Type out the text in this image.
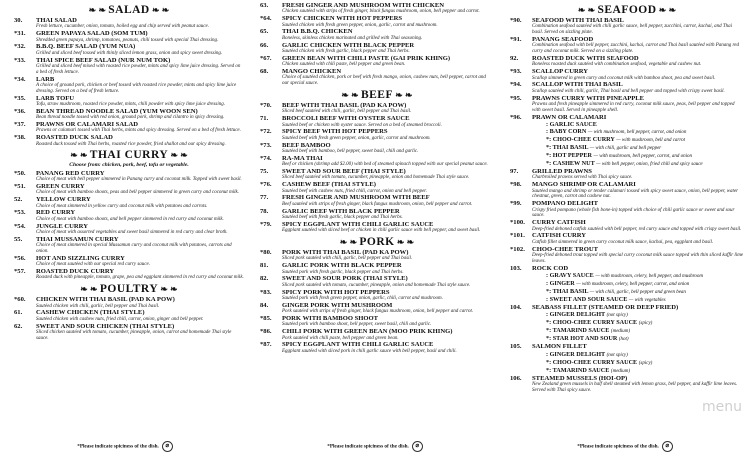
❧ ❧ SALAD ❧ ❧
30.	THAI SALAD
Fresh lettuce, cucumber, onion, tomato, boiled egg and chip served with peanut sauce.
*31.	GREEN PAPAYA SALAD (SOM TUM)
Shredded green papaya, shrimp, tomatoes, peanuts, chili tossed with special Thai dressing.
*32.	B.B.Q. BEEF SALAD (YUM NUA)
Grilled and sliced beef tossed with thinly sliced lemon grass, onion and spicy sweet dressing.
*33.	THAI SPICE BEEF SALAD (NUR NUM TOK)
Grilled and sliced beef mixed with roasted rice powder, mints and spicy lime juice dressing. Served on a bed of fresh lettuce.
*34.	LARB
A choice of ground pork, chicken or beef tossed with roasted rice powder, mints and spicy lime juice dressing. Served on a bed of fresh lettuce.
*35.	LARB TOFU
Tofu, straw mushroom, roasted rice powder, mints, chili powder with spicy lime juice dressing.
*36.	BEAN THREAD NOODLE SALAD (YUM WOON SEN)
Bean thread noodle tossed with red onion, ground pork, shrimp and cilantro in spicy dressing.
*37.	PRAWNS OR CALAMARI SALAD
Prawns or calamari tossed with Thai herbs, mints and spicy dressing. Served on a bed of fresh lettuce.
*38.	ROASTED DUCK SALAD
Roasted duck tossed with Thai herbs, roasted rice powder, fried shallot and our spicy dressing.
❧ ❧ THAI CURRY ❧ ❧
Choose from: chicken, pork, beef, tofu or vegetable.
*50.	PANANG RED CURRY
Choice of meat with bell pepper simmered in Panang curry and coconut milk. Topped with sweet basil.
*51.	GREEN CURRY
Choice of meat with bamboo shoots, peas and bell pepper simmered in green curry and coconut milk.
52.	YELLOW CURRY
Choice of meat simmered in yellow curry and coconut milk with potatoes and carrots.
*53.	RED CURRY
Choice of meat with bamboo shoots, and bell pepper simmered in red curry and coconut milk.
*54.	JUNGLE CURRY
Choice of meat with assorted vegetables and sweet basil simmered in red curry and clear broth.
55.	THAI MUSSAMUN CURRY
Choice of meat simmered in special Mussamun curry and coconut milk with potatoes, carrots and onion.
*56.	HOT AND SIZZLING CURRY
Choice of meat sautéed with our special red curry sauce.
*57.	ROASTED DUCK CURRY
Roasted duck with pineapple, tomato, grape, pea and eggplant simmered in red curry and coconut milk.
❧ ❧ POULTRY ❧ ❧
*60.	CHICKEN WITH THAI BASIL (PAD KA POW)
Sautéed chicken with chili, garlic, bell pepper and Thai basil.
61.	CASHEW CHICKEN (THAI STYLE)
Sautéed chicken with cashew nuts, fried chili, carrot, onion, ginger and bell pepper.
62.	SWEET AND SOUR CHICKEN (THAI STYLE)
Sliced chicken sautéed with tomato, cucumber, pineapple, onion, carrot and homemade Thai style sauce.
*Please indicate spiciness of the dish. ⌀
63.	FRESH GINGER AND MUSHROOM WITH CHICKEN
Chicken sautéed with strips of fresh ginger, black fungus mushroom, onion, bell pepper and carrot.
*64.	SPICY CHICKEN WITH HOT PEPPERS
Sautéed chicken with fresh green pepper, onion, garlic, carrot and mushroom.
65.	THAI B.B.Q. CHICKEN
Boneless, skinless chicken marinated and grilled with Thai seasoning.
66.	GARLIC CHICKEN WITH BLACK PEPPER
Sautéed chicken with fresh garlic, black pepper and Thai herbs.
*67.	GREEN BEAN WITH CHILI PASTE (GAI PRIK KHING)
Chicken sautéed with chili paste, bell pepper and green bean.
68.	MANGO CHICKEN
Choice of sautéed chicken, pork or beef with fresh mango, onion, cashew nuts, bell pepper, carrot and our special sauce.
❧ ❧ BEEF ❧ ❧
*70.	BEEF WITH THAI BASIL (PAD KA POW)
Sliced beef sautéed with chili, garlic, bell pepper and Thai basil.
71.	BROCCOLI BEEF WITH OYSTER SAUCE
Sautéed beef or chicken with oyster sauce. Served on a bed of steamed broccoli.
*72.	SPICY BEEF WITH HOT PEPPERS
Sautéed beef with fresh green pepper, onion, garlic, carrot and mushroom.
*73.	BEEF BAMBOO
Sautéed beef with bamboo, bell pepper, sweet basil, chili and garlic.
*74.	RA-MA THAI
Beef or chicken (shrimp add $2.00) with bed of steamed spinach topped with our special peanut sauce.
75.	SWEET AND SOUR BEEF (THAI STYLE)
Sliced beef sautéed with tomato, cucumber, pineapple, onion and homemade Thai style sauce.
*76.	CASHEW BEEF (THAI STYLE)
Sautéed beef with cashew nuts, fried chili, carrot, onion and bell pepper.
77.	FRESH GINGER AND MUSHROOM WITH BEEF
Beef sautéed with strips of fresh ginger, black fungus mushroom, onion, bell pepper and carrot.
78.	GARLIC BEEF WITH BLACK PEPPER
Sautéed beef with fresh garlic, black pepper and Thai herbs.
*79.	SPICY EGGPLANT WITH CHILI GARLIC SAUCE
Eggplant sautéed with sliced beef or chicken in chili garlic sauce with bell pepper, and sweet basil.
❧ ❧ PORK ❧ ❧
*80.	PORK WITH THAI BASIL (PAD KA POW)
Sliced pork sautéed with chili, garlic, bell pepper and Thai basil.
81.	GARLIC PORK WITH BLACK PEPPER
Sautéed pork with fresh garlic, black pepper and Thai herbs.
82.	SWEET AND SOUR PORK (THAI STYLE)
Sliced pork sautéed with tomato, cucumber, pineapple, onion and homemade Thai style sauce.
*83.	SPICY PORK WITH HOT PEPPERS
Sautéed pork with fresh green pepper, onion, garlic, chili, carrot and mushroom.
84.	GINGER PORK WITH MUSHROOM
Pork sautéed with strips of fresh ginger, black fungus mushroom, onion, bell pepper and carrot.
*85.	PORK WITH BAMBOO SHOOT
Sautéed pork with bamboo shoot, bell pepper, sweet basil, chili and garlic.
*86.	CHILI PORK WITH GREEN BEAN (MOO PRIK KHING)
Pork sautéed with chili paste, bell pepper and green bean.
*87.	SPICY EGGPLANT WITH CHILI GARLIC SAUCE
Eggplant sautéed with sliced pork in chili garlic sauce with bell pepper, basil and chili.
*Please indicate spiciness of the dish. ⌀
❧ ❧ SEAFOOD ❧ ❧
*90.	SEAFOOD WITH THAI BASIL
Combination seafood sautéed with chili garlic sauce, bell pepper, zucchini, carrot, kachai, and Thai basil. Served on sizzling plate.
*91.	PANANG SEAFOOD
Combination seafood with bell pepper, zucchini, kachai, carrot and Thai basil sautéed with Panang red curry and coconut milk. Served on a sizzling plate.
92.	ROASTED DUCK WITH SEAFOOD
Boneless roasted duck sautéed with combination seafood, vegetable and cashew nut.
*93.	SCALLOP CURRY
Scallop simmered in green curry and coconut milk with bamboo shoot, pea and sweet basil.
*94.	SCALLOP WITH THAI BASIL
Scallop sautéed with chili, garlic, Thai basil and bell pepper and topped with crispy sweet basil.
*95.	PRAWNS CURRY WITH PINEAPPLE
Prawns and fresh pineapple simmered in red curry, coconut milk sauce, peas, bell pepper and topped with sweet basil. Served in pineapple shell.
*96.	PRAWN OR CALAMARI
: GARLIC SAUCE
: BABY CORN — with mushroom, bell pepper, carrot, and onion
*: CHOO-CHEE CURRY — with mushroom, bell and carrot
*: THAI BASIL — with chili, garlic and bell pepper
*: HOT PEPPER — with mushroom, bell pepper, carrot, and onion
*: CASHEW NUT — with bell pepper, onion, fried chili and spicy sauce
97.	GRILLED PRAWNS
Charbroiled prawns served with Thai spicy sauce.
*98.	MANGO SHRIMP OR CALAMARI
Sautéed mango and shrimp or tender calamari tossed with spicy sweet sauce, onion, bell pepper, water chestnut, green, carrot and cashew nut.
*99.	POMPANO DELIGHT
Crispy fried pompano (whole fish bone-in) topped with choice of chili garlic sauce or sweet and sour sauce.
*100.	CURRY CATFISH
Deep-fried deboned catfish sautéed with bell pepper, red curry sauce and topped with crispy sweet basil.
*101.	CATFISH CURRY
Catfish fillet simmered in green curry coconut milk sauce, kachai, pea, eggplant and basil.
*102.	CHOO-CHEE TROUT
Deep-fried deboned trout topped with special curry coconut milk sauce topped with thin sliced kaffir lime leaves.
103.	ROCK COD
: GRAVY SAUCE — with mushroom, celery, bell pepper, and mushroom
: GINGER — with mushroom, celery, bell pepper, carrot, and onion
*: THAI BASIL — with chili, garlic, bell pepper and green bean
: SWEET AND SOUR SAUCE — with vegetables
104.	SEABASS FILLET (STEAMED OR DEEP FRIED)
: GINGER DELIGHT (not spicy)
*: CHOO-CHEE CURRY SAUCE (spicy)
*: TAMARIND SAUCE (medium)
*: STAR HOT AND SOUR (hot)
105.	SALMON FILLET
: GINGER DELIGHT (not spicy)
*: CHOO-CHEE CURRY SAUCE (spicy)
*: TAMARIND SAUCE (medium)
106.	STEAMED MUSSELS (HOI-OP)
New Zealand green mussels in half shell steamed with lemon grass, bell pepper, and kaffir lime leaves. Served with Thai spicy sauce.
menu
*Please indicate spiciness of the dish. ⌀
